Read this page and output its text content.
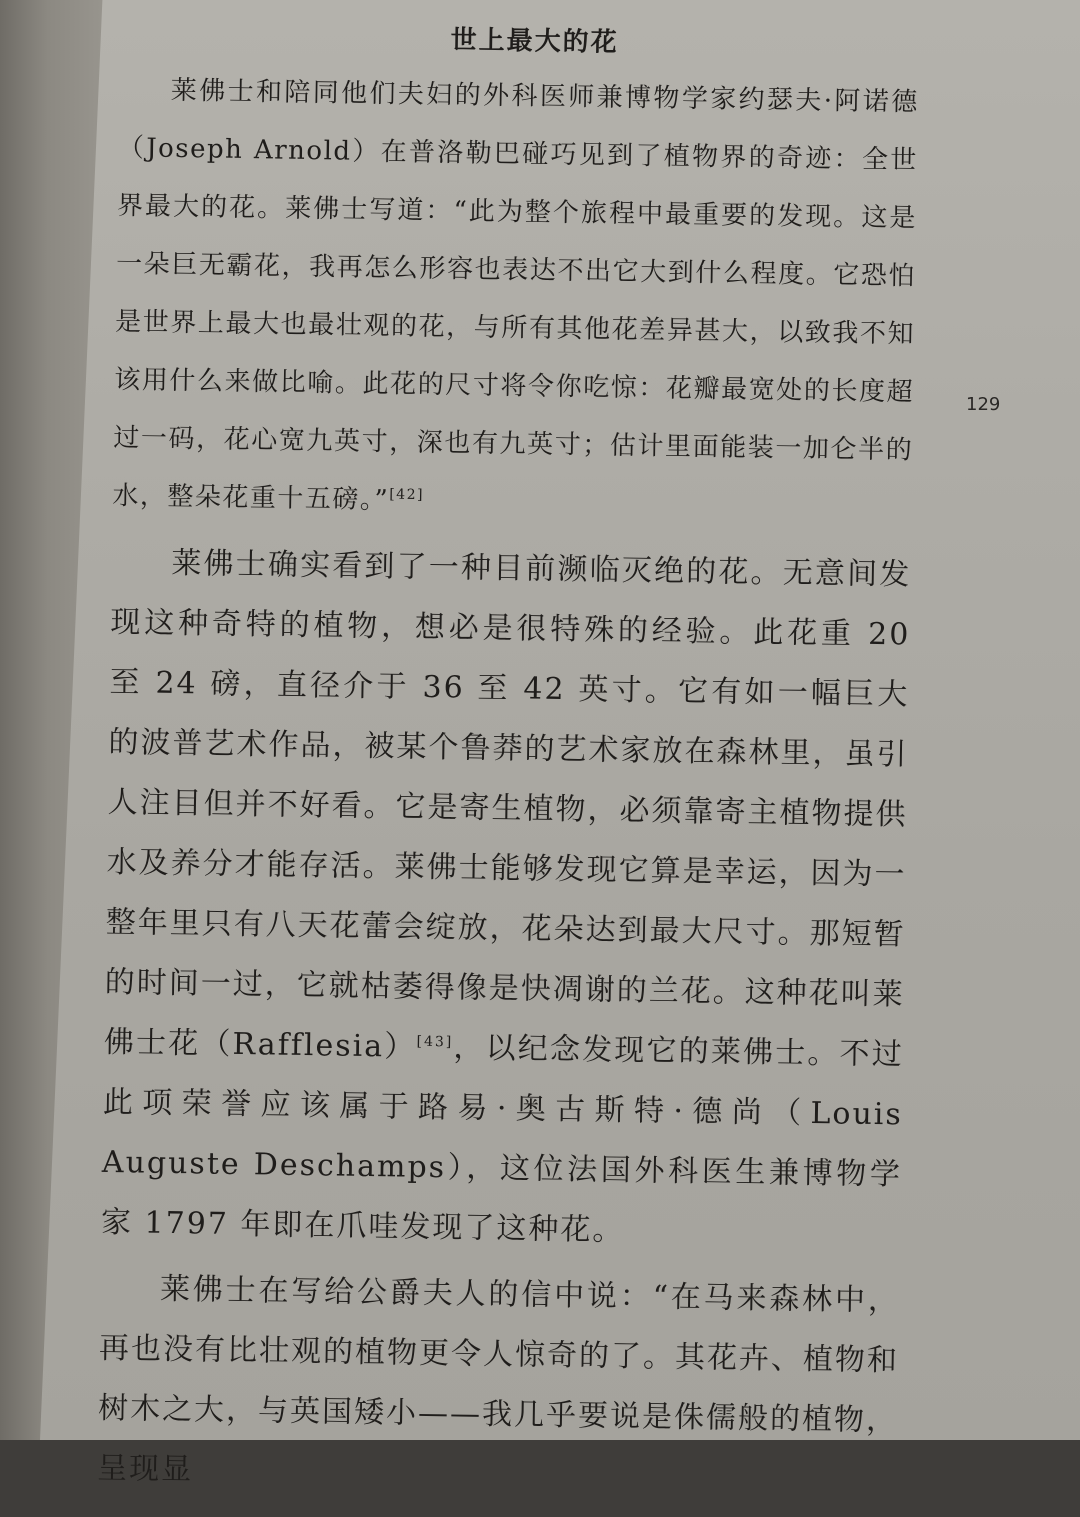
世上最大的花

莱佛士和陪同他们夫妇的外科医师兼博物学家约瑟夫·阿诺德（Joseph Arnold）在普洛勒巴碰巧见到了植物界的奇迹：全世界最大的花。莱佛士写道：“此为整个旅程中最重要的发现。这是一朵巨无霸花，我再怎么形容也表达不出它大到什么程度。它恐怕是世界上最大也最壮观的花，与所有其他花差异甚大，以致我不知该用什么来做比喻。此花的尺寸将令你吃惊：花瓣最宽处的长度超过一码，花心宽九英寸，深也有九英寸；估计里面能装一加仑半的水，整朵花重十五磅。”[42]

莱佛士确实看到了一种目前濒临灭绝的花。无意间发现这种奇特的植物，想必是很特殊的经验。此花重 20 至 24 磅，直径介于 36 至 42 英寸。它有如一幅巨大的波普艺术作品，被某个鲁莽的艺术家放在森林里，虽引人注目但并不好看。它是寄生植物，必须靠寄主植物提供水及养分才能存活。莱佛士能够发现它算是幸运，因为一整年里只有八天花蕾会绽放，花朵达到最大尺寸。那短暂的时间一过，它就枯萎得像是快凋谢的兰花。这种花叫莱佛士花（Rafflesia）[43]，以纪念发现它的莱佛士。不过此项荣誉应该属于路易·奥古斯特·德尚（Louis Auguste Deschamps），这位法国外科医生兼博物学家 1797 年即在爪哇发现了这种花。

莱佛士在写给公爵夫人的信中说：“在马来森林中，再也没有比壮观的植物更令人惊奇的了。其花卉、植物和树木之大，与英国矮小——我几乎要说是侏儒般的植物，呈现显

129
